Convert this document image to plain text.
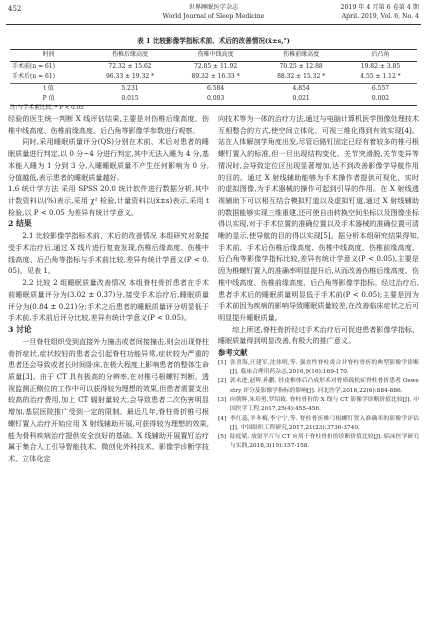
452	世界睡眠医学杂志
World Journal of Sleep Medicine
2019 年 4 月第 6 卷第 4 期
April. 2019, Vol. 6, No. 4
表 1 比较影像学指标术前、术后的改善情况(x̄±s,°)
时间	伤椎后缘高度	伤椎中线高度	伤椎前缘高度	后凸角
手术前(n = 61)	72.32 ± 15.62	72.85 ± 11.92	70.25 ± 12.88	19.82 ± 3.85
手术后(n = 61)	96.33 ± 19.32 *	89.32 ± 16.33 *	88.32 ± 15.32 *	4.55 ± 1.12 *
t 值	5.231	6.584	4.854	6.557
P 值	0.015	0.003	0.021	0.002
注:与手术前比较, * P < 0.05

经验的医生统一判断 X 线评估结果,主要是对伤椎后缘高度、伤椎中线高度、伤椎前缘高度、后凸角等影像学参数进行观察。

同时,采用睡眠质量评分(QS)分别在术前、术后对患者的睡眠质量进行判定,以 0 分~4 分进行判定,其中无法入睡为 4 分,基本能入睡为 1 分到 3 分,入睡睡眠质量不产生任何影响为 0 分,分值越低,表示患者的睡眠质量越好。

1.6 统计学方法 采用 SPSS 20.0 统计软件进行数据分析,其中计数资料以(%)表示,采用 χ² 检验,计量资料以(x̄±s)表示,采用 t 检验,以 P < 0.05 为差异有统计学意义。

2 结果

2.1 比较影像学指标术前、术后的改善情况 本组研究对象接受手术治疗后,通过 X 线片进行复查发现,伤椎后缘高度、伤椎中线高度、后凸角等指标与手术前比较,差异有统计学意义(P < 0.05)。见表 1。

2.2 比较 2 组睡眠质量改善情况 本组脊柱骨折患者在手术前睡眠质量评分为(3.02 ± 0.37)分,接受手术治疗后,睡眠质量评分为(0.84 ± 0.21)分;手术之后患者的睡眠质量评分明显低于手术前,手术前后评分比较,差异有统计学意义(P < 0.05)。

3 讨论

一旦脊柱组织受到直接外力撞击或者间接撞击,则会出现脊柱骨折症状,症状较轻的患者会引起脊柱功能异常,症状较为严重的患者还会导致或者长时间卧床,在极大程度上影响患者的整体生命质量[3]。由于 CT 具有极高的分辨率,在对椎弓根螺钉判断、透视监测正侧位的工作中可以获得较为理想的效果,但患者需要支出较高的治疗费用,加上 CT 辐射量较大,会导致患者二次伤害明显增加,基层医院推广受到一定的限制。最近几年,脊柱骨折椎弓根螺钉置入治疗开始应用 X 射线辅助开展,可获得较为理想的效果,能为骨科疾病治疗提供安全良好的基础。X 线辅助开展置钉治疗属于集合人工引导智能技术、微创化外科技术、影像学诊断学技术、立体化定

向技术等为一体的治疗方法,通过与电脑计算机医学图像处理技术互相整合的方式,使空间立体化、可视三维化得到有效实现[4]。站在人体解剖学角度出发,尽管后路钉固定已经有着较多的椎弓根螺钉置入的标准,但一旦出现结构变化、关节突滑脱,关节变异等情况时,会导致定位区出现显著增加,达不到改善影像学导航作用的目的。通过 X 射线辅助能够为手术操作者提供可视化、实时的虚拟图像,为手术器械的操作可起到引导的作用。在 X 射线透视辅助下可以相互结合模拟钉道以及虚拟钉道,通过 X 射线辅助的数据能够实现三维重建,还可使自由转换空间坐标以及图像坐标得以实现,对于手术位置的准确位置以及手术器械的准确位置可清晰的显示,使导航的目的得以实现[5]。据分析本组研究结果得知,手术前、手术后伤椎后缘高度、伤椎中线高度、伤椎前缘高度、后凸角等影像学指标比较,差异有统计学意义(P < 0.05),主要是因为椎螺钉置入的准确率明显提升后,从而改善伤椎后缘高度、伤椎中线高度、伤椎前缘高度、后凸角等影像学指标。经过治疗后,患者手术后的睡眠质量明显低于手术前(P < 0.05);主要是因为手术前因为疾病的影响导致睡眠质量较差,在改善临床症状之后可明显提升睡眠质量。

综上所述,脊柱骨折经过手术治疗后可促进患者影像学指标、睡眠质量得到明显改善,有极大的推广意义。

参考文献
[1] 张喜海,汪建军,沈伟明,等. 强直性脊柱炎合并脊柱骨折的典型影像学诊断[J]. 临床合理用药杂志,2016,9(16):169-170.
[2] 郭永进,赵辉,孙鹏. 经皮椎体后凸成形术对骨质疏松症脊柱骨折患者 Oswestry 评分及影像学指标的影响[J]. 河北医学,2016,22(6):884-886.
[3] 向朝辉,朱培勇,罗绍致. 脊柱骨折的 X 线与 CT 影像学诊断价值比较[J]. 中国医学工程,2017,25(4):455-456.
[4] 李红蕊,羊冬梅,李宁宁,等. 脊柱骨折椎弓根螺钉置入准确率的影像学评估[J]. 中国组织工程研究,2017,21(23):3736-3740.
[5] 陆庭斌. 放射平片与 CT 应用于脊柱骨折的诊断价值比较[J]. 临床医学研究与实践,2018,3(19):157-158.
